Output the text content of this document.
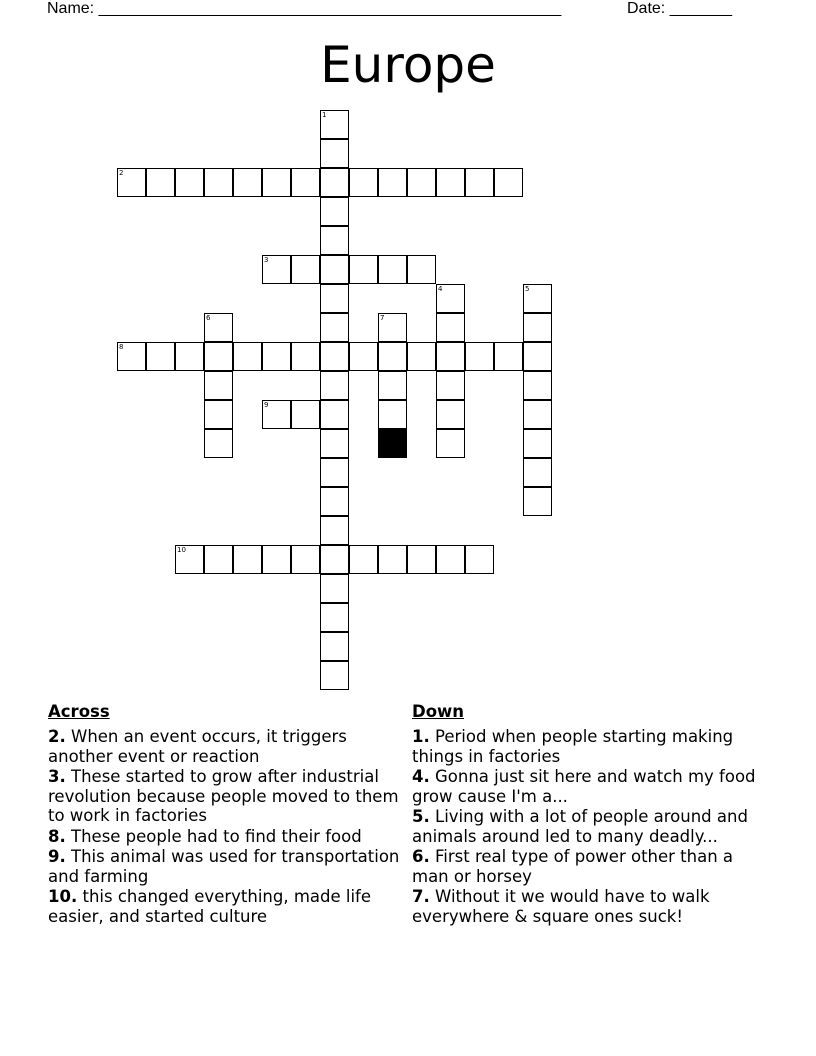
Name: ____________________________________________________	Date: _______
Europe
1
2
3
4	5
6	7
8
9
10
Across
2. When an event occurs, it triggers another event or reaction
3. These started to grow after industrial revolution because people moved to them to work in factories
8. These people had to find their food
9. This animal was used for transportation and farming
10. this changed everything, made life easier, and started culture
Down
1. Period when people starting making things in factories
4. Gonna just sit here and watch my food grow cause I'm a...
5. Living with a lot of people around and animals around led to many deadly...
6. First real type of power other than a man or horsey
7. Without it we would have to walk everywhere & square ones suck!
